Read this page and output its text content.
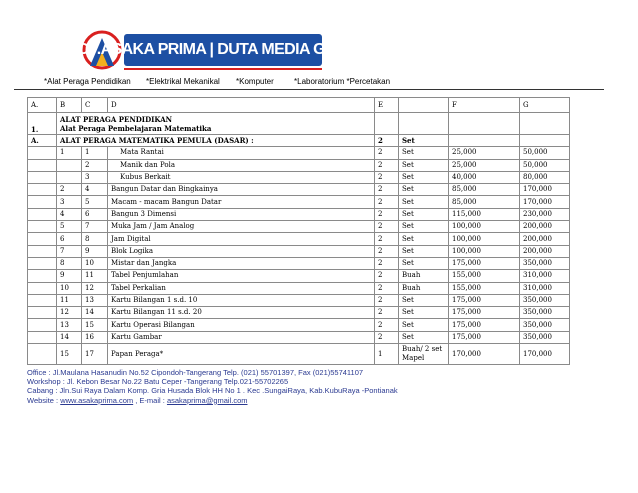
CV.ASAKA PRIMA | DUTA MEDIA GROUP
*Alat Peraga Pendidikan *Elektrikal Mekanikal *Komputer	*Laboratorium *Percetakan
A.	B	C	D	E		F	G
1.	ALAT PERAGA PENDIDIKAN
Alat Peraga Pembelajaran Matematika						

A.	ALAT PERAGA MATEMATIKA PEMULA (DASAR) :			2	Set		
	1	1	Mata Rantai	2	Set	25,000	50,000
		2	Manik dan Pola	2	Set	25,000	50,000
		3	Kubus Berkait	2	Set	40,000	80,000
	2	4	Bangun Datar dan Bingkainya	2	Set	85,000	170,000
	3	5	Macam - macam Bangun Datar	2	Set	85,000	170,000
	4	6	Bangun 3 Dimensi	2	Set	115,000	230,000
	5	7	Muka Jam / Jam Analog	2	Set	100,000	200,000
	6	8	Jam Digital	2	Set	100,000	200,000
	7	9	Blok Logika	2	Set	100,000	200,000
	8	10	Mistar dan Jangka	2	Set	175,000	350,000
	9	11	Tabel Penjumlahan	2	Buah	155,000	310,000
	10	12	Tabel Perkalian	2	Buah	155,000	310,000
	11	13	Kartu Bilangan 1 s.d. 10	2	Set	175,000	350,000
	12	14	Kartu Bilangan 11 s.d. 20	2	Set	175,000	350,000
	13	15	Kartu Operasi Bilangan	2	Set	175,000	350,000
	14	16	Kartu Gambar	2	Set	175,000	350,000
	15	17	Papan Peraga*	1	Buah/ 2 set Mapel	170,000	170,000
Office : Jl.Maulana Hasanudin No.52 Cipondoh-Tangerang Telp. (021) 55701397, Fax (021)55741107
Workshop : Jl. Kebon Besar No.22 Batu Ceper -Tangerang Telp.021-55702265
Cabang : Jln.Sui Raya Dalam Komp. Gria Husada Blok HH No 1 . Kec .SungaiRaya, Kab.KubuRaya -Pontianak
Website : www.asakaprima.com , E-mail : asakaprima@gmail.com
